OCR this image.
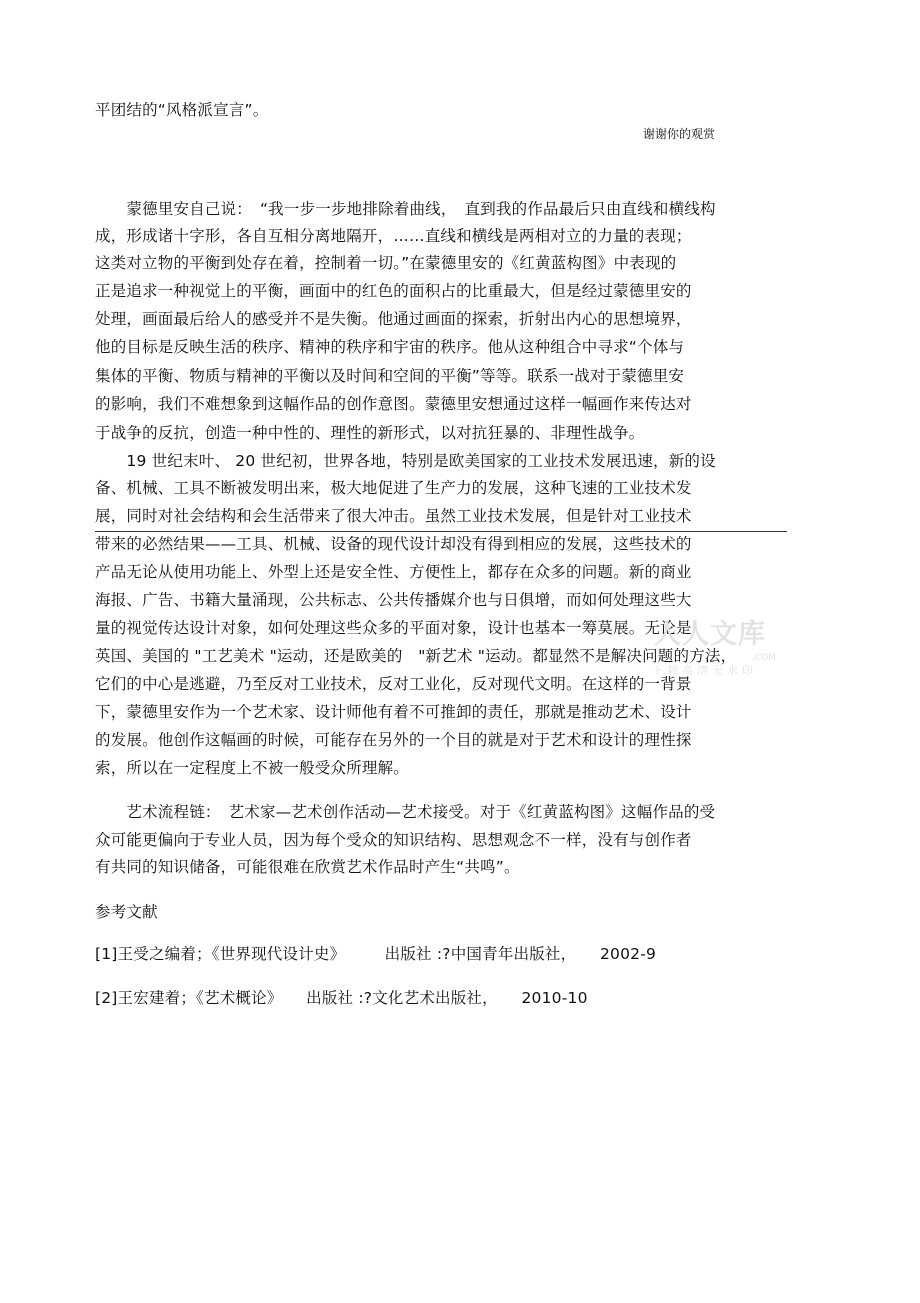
平团结的“风格派宣言”。
谢谢你的观赏
　　蒙德里安自己说：　“我一步一步地排除着曲线，　直到我的作品最后只由直线和横线构
成，形成诸十字形，各自互相分离地隔开，……直线和横线是两相对立的力量的表现；
这类对立物的平衡到处存在着，控制着一切。”在蒙德里安的《红黄蓝构图》中表现的
正是追求一种视觉上的平衡，画面中的红色的面积占的比重最大，但是经过蒙德里安的
处理，画面最后给人的感受并不是失衡。他通过画面的探索，折射出内心的思想境界，
他的目标是反映生活的秩序、精神的秩序和宇宙的秩序。他从这种组合中寻求“个体与
集体的平衡、物质与精神的平衡以及时间和空间的平衡”等等。联系一战对于蒙德里安
的影响，我们不难想象到这幅作品的创作意图。蒙德里安想通过这样一幅画作来传达对
于战争的反抗，创造一种中性的、理性的新形式，以对抗狂暴的、非理性战争。
　　19 世纪末叶、 20 世纪初，世界各地，特别是欧美国家的工业技术发展迅速，新的设
备、机械、工具不断被发明出来，极大地促进了生产力的发展，这种飞速的工业技术发
展，同时对社会结构和会生活带来了很大冲击。虽然工业技术发展，但是针对工业技术
带来的必然结果——工具、机械、设备的现代设计却没有得到相应的发展，这些技术的
产品无论从使用功能上、外型上还是安全性、方便性上，都存在众多的问题。新的商业
海报、广告、书籍大量涌现，公共标志、公共传播媒介也与日俱增，而如何处理这些大
量的视觉传达设计对象，如何处理这些众多的平面对象，设计也基本一筹莫展。无论是
英国、美国的 "工艺美术 "运动，还是欧美的　"新艺术 "运动。都显然不是解决问题的方法，
它们的中心是逃避，乃至反对工业技术，反对工业化，反对现代文明。在这样的一背景
下，蒙德里安作为一个艺术家、设计师他有着不可推卸的责任，那就是推动艺术、设计
的发展。他创作这幅画的时候，可能存在另外的一个目的就是对于艺术和设计的理性探
索，所以在一定程度上不被一般受众所理解。
　　艺术流程链：　艺术家—艺术创作活动—艺术接受。对于《红黄蓝构图》这幅作品的受
众可能更偏向于专业人员，因为每个受众的知识结构、思想观念不一样，没有与创作者
有共同的知识储备，可能很难在欣赏艺术作品时产生“共鸣”。
参考文献
[1]王受之编着；《世界现代设计史》　　　出版社 :?中国青年出版社，　　2002-9
[2]王宏建着；《艺术概论》　　出版社 :?文化艺术出版社，　　2010-10
人人文库
.COM
下载高清无水印
